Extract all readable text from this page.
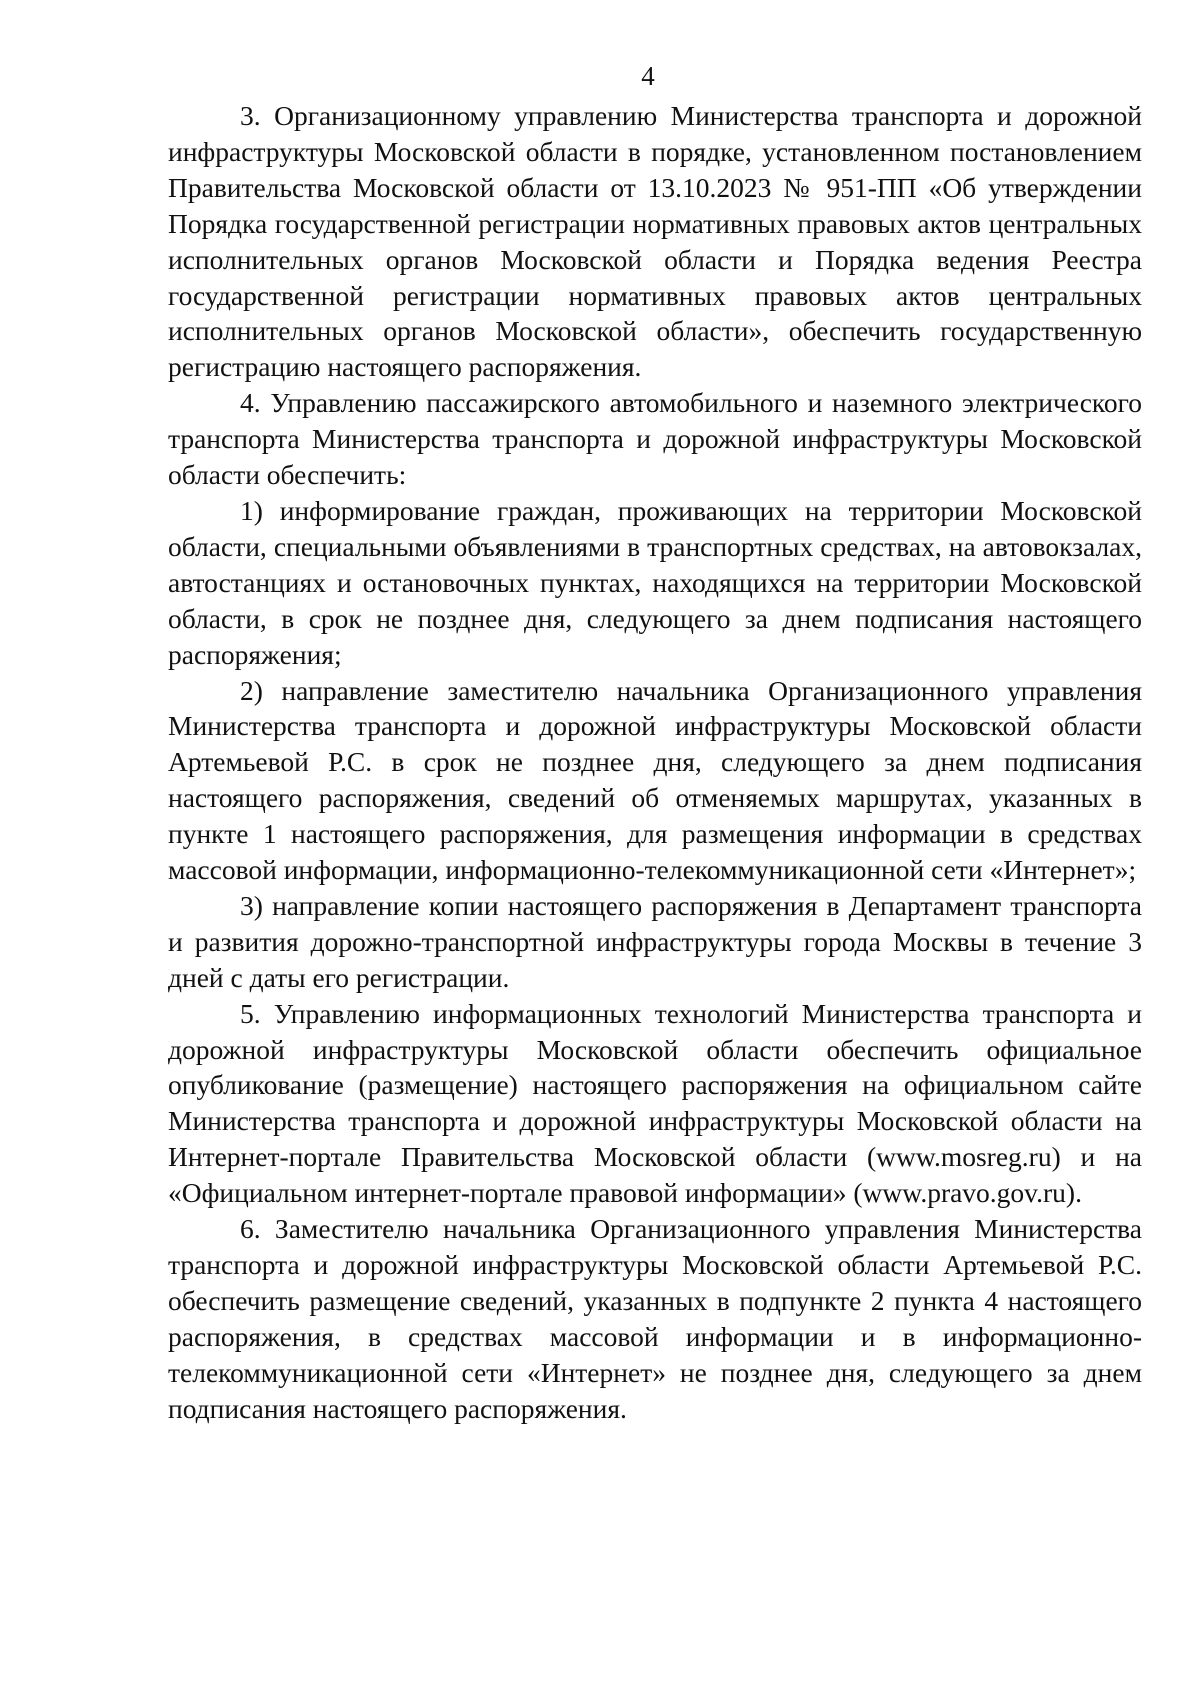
4

3. Организационному управлению Министерства транспорта и дорожной инфраструктуры Московской области в порядке, установленном постановлением Правительства Московской области от 13.10.2023 № 951-ПП «Об утверждении Порядка государственной регистрации нормативных правовых актов центральных исполнительных органов Московской области и Порядка ведения Реестра государственной регистрации нормативных правовых актов центральных исполнительных органов Московской области», обеспечить государственную регистрацию настоящего распоряжения.

4. Управлению пассажирского автомобильного и наземного электрического транспорта Министерства транспорта и дорожной инфраструктуры Московской области обеспечить:

1) информирование граждан, проживающих на территории Московской области, специальными объявлениями в транспортных средствах, на автовокзалах, автостанциях и остановочных пунктах, находящихся на территории Московской области, в срок не позднее дня, следующего за днем подписания настоящего распоряжения;

2) направление заместителю начальника Организационного управления Министерства транспорта и дорожной инфраструктуры Московской области Артемьевой Р.С. в срок не позднее дня, следующего за днем подписания настоящего распоряжения, сведений об отменяемых маршрутах, указанных в пункте 1 настоящего распоряжения, для размещения информации в средствах массовой информации, информационно-телекоммуникационной сети «Интернет»;

3) направление копии настоящего распоряжения в Департамент транспорта и развития дорожно-транспортной инфраструктуры города Москвы в течение 3 дней с даты его регистрации.

5. Управлению информационных технологий Министерства транспорта и дорожной инфраструктуры Московской области обеспечить официальное опубликование (размещение) настоящего распоряжения на официальном сайте Министерства транспорта и дорожной инфраструктуры Московской области на Интернет-портале Правительства Московской области (www.mosreg.ru) и на «Официальном интернет-портале правовой информации» (www.pravo.gov.ru).

6. Заместителю начальника Организационного управления Министерства транспорта и дорожной инфраструктуры Московской области Артемьевой Р.С. обеспечить размещение сведений, указанных в подпункте 2 пункта 4 настоящего распоряжения, в средствах массовой информации и в информационно-телекоммуникационной сети «Интернет» не позднее дня, следующего за днем подписания настоящего распоряжения.
